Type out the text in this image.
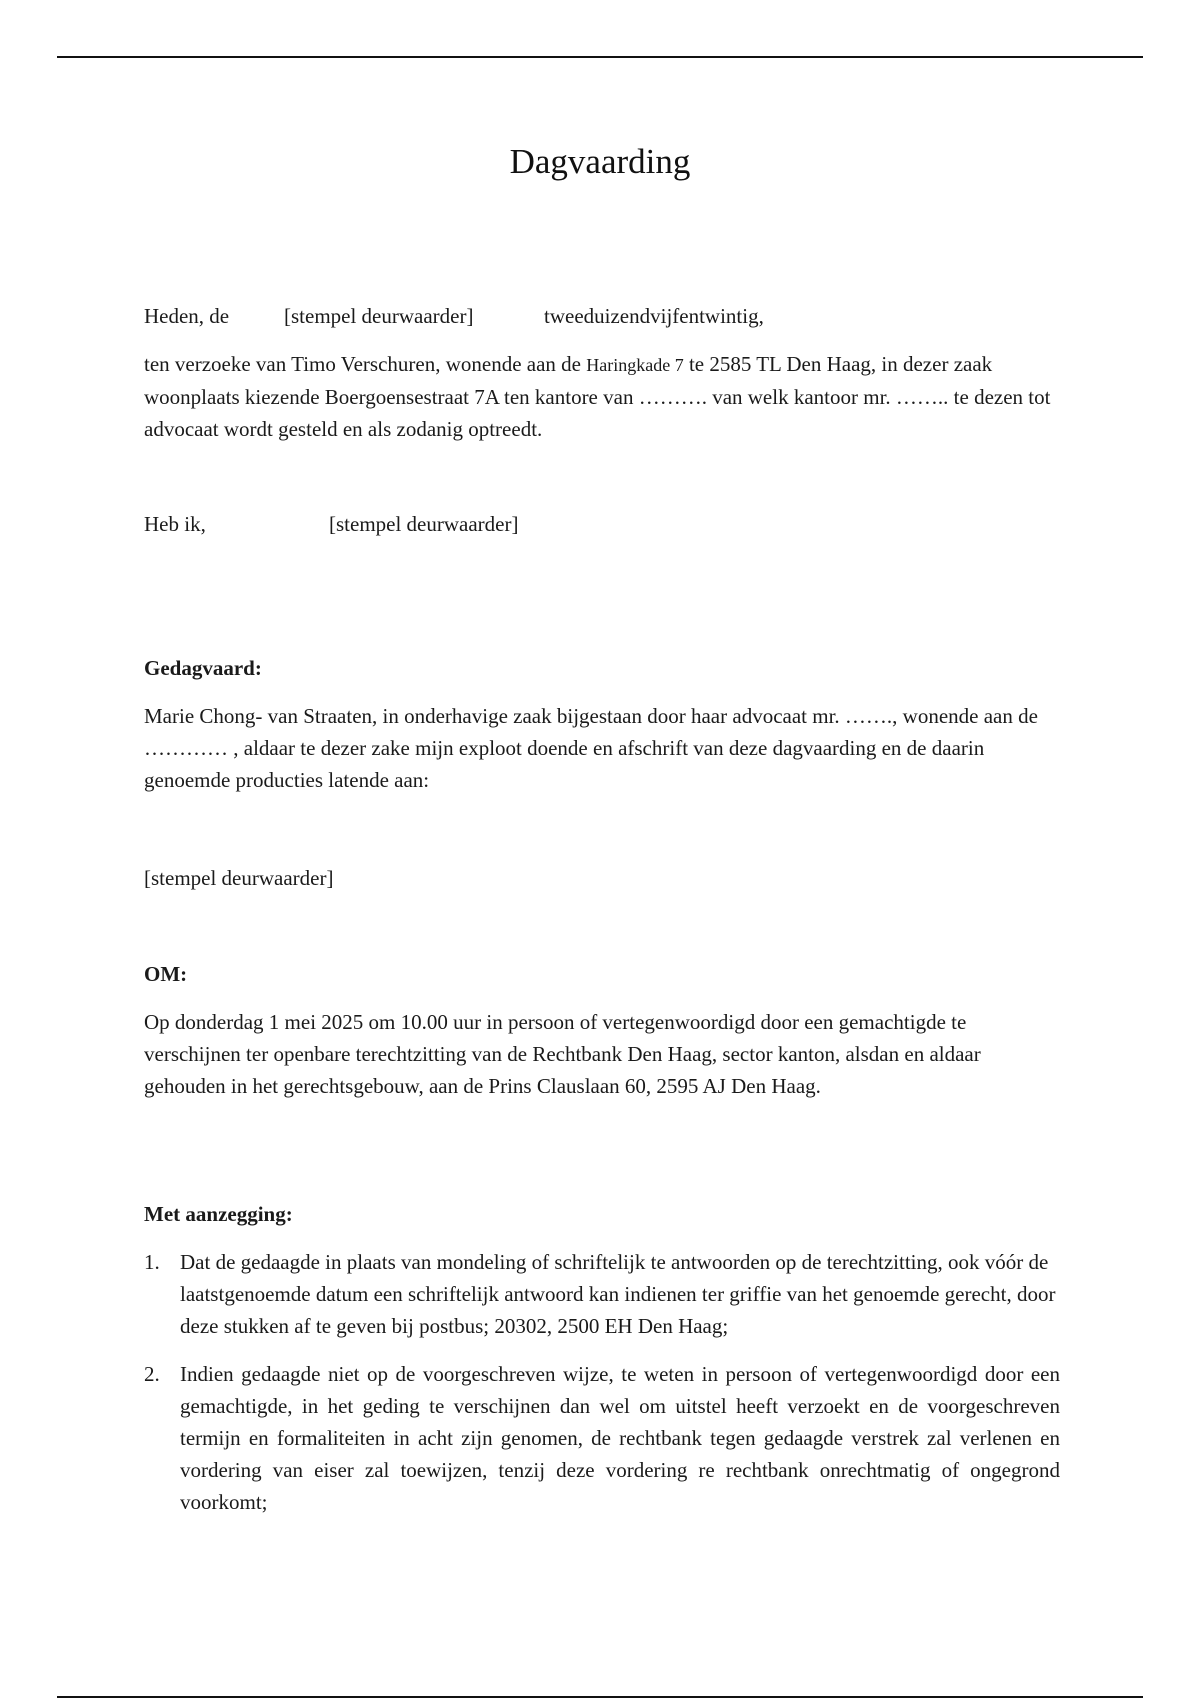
Dagvaarding
Heden, de	[stempel deurwaarder]	tweeduizendvijfentwintig,
ten verzoeke van Timo Verschuren, wonende aan de Haringkade 7 te 2585 TL Den Haag, in dezer zaak woonplaats kiezende Boergoensestraat 7A ten kantore van ………. van welk kantoor mr. …….. te dezen tot advocaat wordt gesteld en als zodanig optreedt.
Heb ik,	[stempel deurwaarder]
Gedagvaard:
Marie Chong- van Straaten, in onderhavige zaak bijgestaan door haar advocaat mr. ……., wonende aan de ………… , aldaar te dezer zake mijn exploot doende en afschrift van deze dagvaarding en de daarin genoemde producties latende aan:
[stempel deurwaarder]
OM:
Op donderdag 1 mei 2025 om 10.00 uur in persoon of vertegenwoordigd door een gemachtigde te verschijnen ter openbare terechtzitting van de Rechtbank Den Haag, sector kanton, alsdan en aldaar gehouden in het gerechtsgebouw, aan de Prins Clauslaan 60, 2595 AJ Den Haag.
Met aanzegging:
1. Dat de gedaagde in plaats van mondeling of schriftelijk te antwoorden op de terechtzitting, ook vóór de laatstgenoemde datum een schriftelijk antwoord kan indienen ter griffie van het genoemde gerecht, door deze stukken af te geven bij postbus; 20302, 2500 EH Den Haag;
2. Indien gedaagde niet op de voorgeschreven wijze, te weten in persoon of vertegenwoordigd door een gemachtigde, in het geding te verschijnen dan wel om uitstel heeft verzoekt en de voorgeschreven termijn en formaliteiten in acht zijn genomen, de rechtbank tegen gedaagde verstrek zal verlenen en vordering van eiser zal toewijzen, tenzij deze vordering re rechtbank onrechtmatig of ongegrond voorkomt;
